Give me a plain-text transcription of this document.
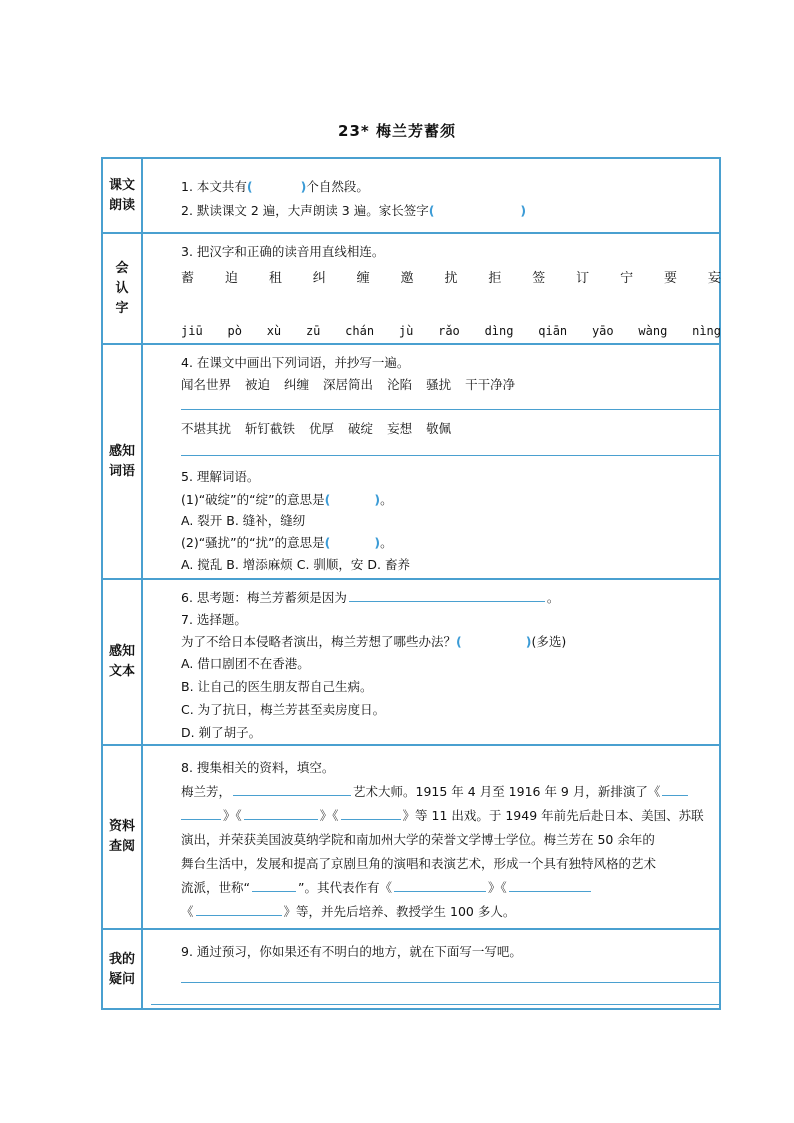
23* 梅兰芳蓄须
课文朗读
1. 本文共有(	)个自然段。
2. 默读课文 2 遍，大声朗读 3 遍。家长签字(	)
会认字
3. 把汉字和正确的读音用直线相连。
蓄 迫 租 纠 缠 邀 扰 拒 签 订 宁 要 妄
jiū pò xù zū chán jù rǎo dìng qiān yāo wàng nìng
感知词语
4. 在课文中画出下列词语，并抄写一遍。
闻名世界 被迫 纠缠 深居简出 沦陷 骚扰 干干净净
不堪其扰 斩钉截铁 优厚 破绽 妄想 敬佩
5. 理解词语。
(1)“破绽”的“绽”的意思是(	)。
A. 裂开 B. 缝补，缝纫
(2)“骚扰”的“扰”的意思是(	)。
A. 搅乱 B. 增添麻烦 C. 驯顺，安 D. 畜养
感知文本
6. 思考题：梅兰芳蓄须是因为	。
7. 选择题。
为了不给日本侵略者演出，梅兰芳想了哪些办法？(	)(多选)
A. 借口剧团不在香港。
B. 让自己的医生朋友帮自己生病。
C. 为了抗日，梅兰芳甚至卖房度日。
D. 剃了胡子。
资料查阅
8. 搜集相关的资料，填空。
梅兰芳，	艺术大师。1915 年 4 月至 1916 年 9 月，新排演了《
》《	》《	》等 11 出戏。于 1949 年前先后赴日本、美国、苏联
演出，并荣获美国波莫纳学院和南加州大学的荣誉文学博士学位。梅兰芳在 50 余年的
舞台生活中，发展和提高了京剧旦角的演唱和表演艺术，形成一个具有独特风格的艺术
流派，世称“	”。其代表作有《	》《
《	》等，并先后培养、教授学生 100 多人。
我的疑问
9. 通过预习，你如果还有不明白的地方，就在下面写一写吧。
